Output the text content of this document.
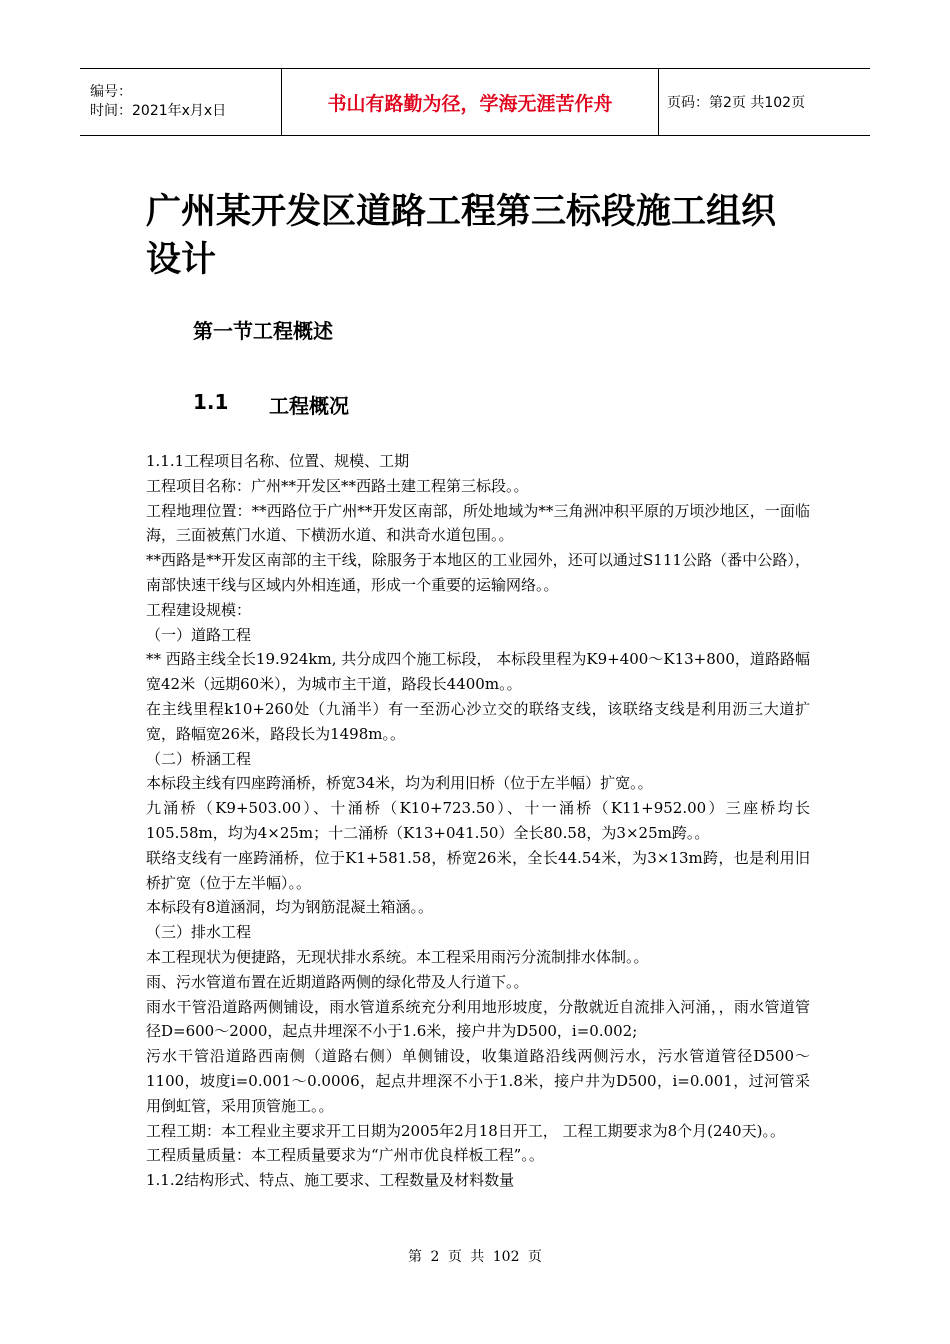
编号：
时间：2021年x月x日	书山有路勤为径，学海无涯苦作舟	页码：第2页 共102页
广州某开发区道路工程第三标段施工组织设计
第一节工程概述
1.1	工程概况

1.1.1工程项目名称、位置、规模、工期

工程项目名称：广州**开发区**西路土建工程第三标段。。

工程地理位置：**西路位于广州**开发区南部，所处地域为**三角洲冲积平原的万顷沙地区，一面临海，三面被蕉门水道、下横沥水道、和洪奇水道包围。。

**西路是**开发区南部的主干线，除服务于本地区的工业园外，还可以通过S111公路（番中公路），南部快速干线与区域内外相连通，形成一个重要的运输网络。。

工程建设规模：

（一）道路工程

** 西路主线全长19.924km, 共分成四个施工标段， 本标段里程为K9+400～K13+800，道路路幅宽42米（远期60米），为城市主干道，路段长4400m。。

在主线里程k10+260处（九涌半）有一至沥心沙立交的联络支线，该联络支线是利用沥三大道扩宽，路幅宽26米，路段长为1498m。。

（二）桥涵工程

本标段主线有四座跨涌桥，桥宽34米，均为利用旧桥（位于左半幅）扩宽。。

九涌桥（K9+503.00）、十涌桥（K10+723.50）、十一涌桥（K11+952.00）三座桥均长105.58m，均为4×25m；十二涌桥（K13+041.50）全长80.58，为3×25m跨。。

联络支线有一座跨涌桥，位于K1+581.58，桥宽26米，全长44.54米，为3×13m跨，也是利用旧桥扩宽（位于左半幅）。。

本标段有8道涵洞，均为钢筋混凝土箱涵。。

（三）排水工程

本工程现状为便捷路，无现状排水系统。本工程采用雨污分流制排水体制。。

雨、污水管道布置在近期道路两侧的绿化带及人行道下。。

雨水干管沿道路两侧铺设，雨水管道系统充分利用地形坡度，分散就近自流排入河涌，，雨水管道管径D=600～2000，起点井埋深不小于1.6米，接户井为D500，i=0.002;

污水干管沿道路西南侧（道路右侧）单侧铺设，收集道路沿线两侧污水，污水管道管径D500～1100，坡度i=0.001～0.0006，起点井埋深不小于1.8米，接户井为D500，i=0.001，过河管采用倒虹管，采用顶管施工。。

工程工期：本工程业主要求开工日期为2005年2月18日开工， 工程工期要求为8个月(240天)。。

工程质量质量：本工程质量要求为“广州市优良样板工程”。。

1.1.2结构形式、特点、施工要求、工程数量及材料数量

第 2 页 共 102 页
